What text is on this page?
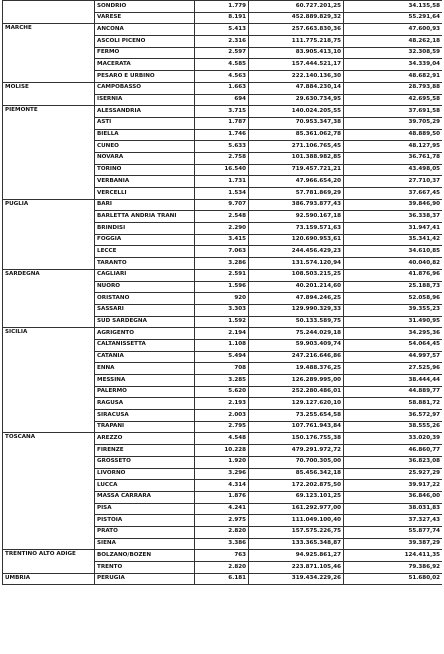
	SONDRIO	1.779	60.727.201,25	34.135,58
	VARESE	8.191	452.889.829,32	55.291,64
MARCHE	ANCONA	5.413	257.663.830,36	47.600,93
	ASCOLI PICENO	2.316	111.775.218,75	48.262,18
	FERMO	2.597	83.905.413,10	32.308,59
	MACERATA	4.585	157.444.521,17	34.339,04
	PESARO E URBINO	4.563	222.140.136,30	48.682,91
MOLISE	CAMPOBASSO	1.663	47.884.230,14	28.793,88
	ISERNIA	694	29.630.734,95	42.695,58
PIEMONTE	ALESSANDRIA	3.715	140.024.205,55	37.691,58
	ASTI	1.787	70.953.347,38	39.705,29
	BIELLA	1.746	85.361.062,78	48.889,50
	CUNEO	5.633	271.106.765,45	48.127,95
	NOVARA	2.758	101.388.982,85	36.761,78
	TORINO	16.540	719.457.721,21	43.498,05
	VERBANIA	1.731	47.966.654,20	27.710,37
	VERCELLI	1.534	57.781.869,29	37.667,45
PUGLIA	BARI	9.707	386.793.877,43	39.846,90
	BARLETTA ANDRIA TRANI	2.548	92.590.167,18	36.338,37
	BRINDISI	2.290	73.159.571,63	31.947,41
	FOGGIA	3.415	120.690.953,61	35.341,42
	LECCE	7.063	244.456.429,23	34.610,85
	TARANTO	3.286	131.574.120,94	40.040,82
SARDEGNA	CAGLIARI	2.591	108.503.215,25	41.876,96
	NUORO	1.596	40.201.214,60	25.188,73
	ORISTANO	920	47.894.246,25	52.058,96
	SASSARI	3.303	129.990.329,33	39.355,23
	SUD SARDEGNA	1.592	50.133.589,75	31.490,95
SICILIA	AGRIGENTO	2.194	75.244.029,18	34.295,36
	CALTANISSETTA	1.108	59.903.409,74	54.064,45
	CATANIA	5.494	247.216.646,86	44.997,57
	ENNA	708	19.488.376,25	27.525,96
	MESSINA	3.285	126.289.995,00	38.444,44
	PALERMO	5.620	252.280.486,01	44.889,77
	RAGUSA	2.193	129.127.620,10	58.881,72
	SIRACUSA	2.003	73.255.654,58	36.572,97
	TRAPANI	2.795	107.761.943,84	38.555,26
TOSCANA	AREZZO	4.548	150.176.755,38	33.020,39
	FIRENZE	10.228	479.291.972,72	46.860,77
	GROSSETO	1.920	70.700.305,00	36.823,08
	LIVORNO	3.296	85.456.342,18	25.927,29
	LUCCA	4.314	172.202.875,50	39.917,22
	MASSA CARRARA	1.876	69.123.101,25	36.846,00
	PISA	4.241	161.292.977,00	38.031,83
	PISTOIA	2.975	111.049.100,40	37.327,43
	PRATO	2.820	157.575.226,75	55.877,74
	SIENA	3.386	133.365.348,87	39.387,29
TRENTINO ALTO ADIGE	BOLZANO/BOZEN	763	94.925.861,27	124.411,35
	TRENTO	2.820	223.871.105,46	79.386,92
UMBRIA	PERUGIA	6.181	319.434.229,26	51.680,02
